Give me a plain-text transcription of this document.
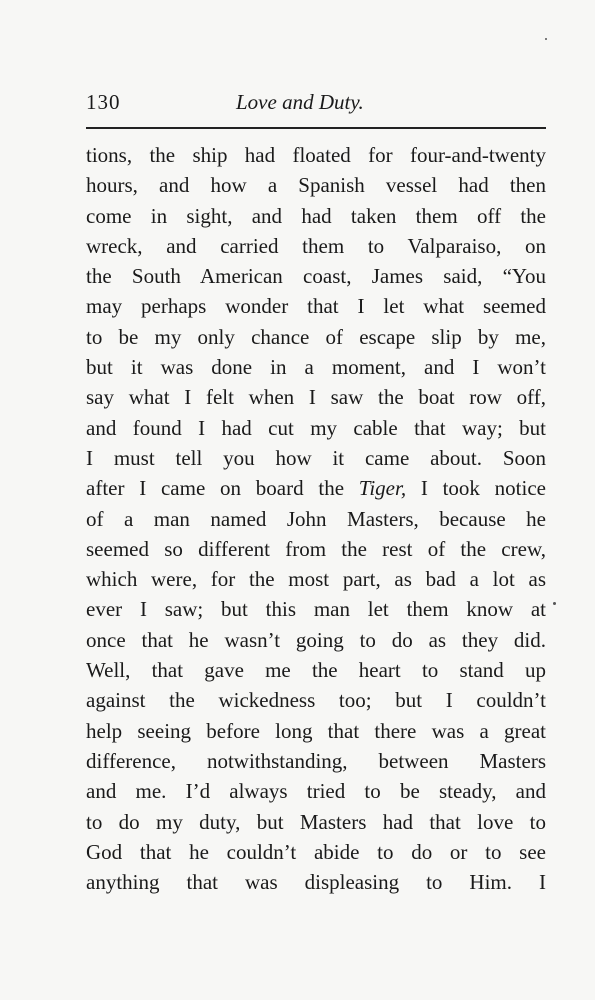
130	Love and Duty.
tions, the ship had floated for four-and-twenty
hours, and how a Spanish vessel had then
come in sight, and had taken them off the
wreck, and carried them to Valparaiso, on
the South American coast, James said, “You
may perhaps wonder that I let what seemed
to be my only chance of escape slip by me,
but it was done in a moment, and I won’t
say what I felt when I saw the boat row off,
and found I had cut my cable that way; but
I must tell you how it came about. Soon
after I came on board the Tiger, I took notice
of a man named John Masters, because he
seemed so different from the rest of the crew,
which were, for the most part, as bad a lot as
ever I saw; but this man let them know at
once that he wasn’t going to do as they did.
Well, that gave me the heart to stand up
against the wickedness too; but I couldn’t
help seeing before long that there was a great
difference, notwithstanding, between Masters
and me. I’d always tried to be steady, and
to do my duty, but Masters had that love to
God that he couldn’t abide to do or to see
anything that was displeasing to Him. I
